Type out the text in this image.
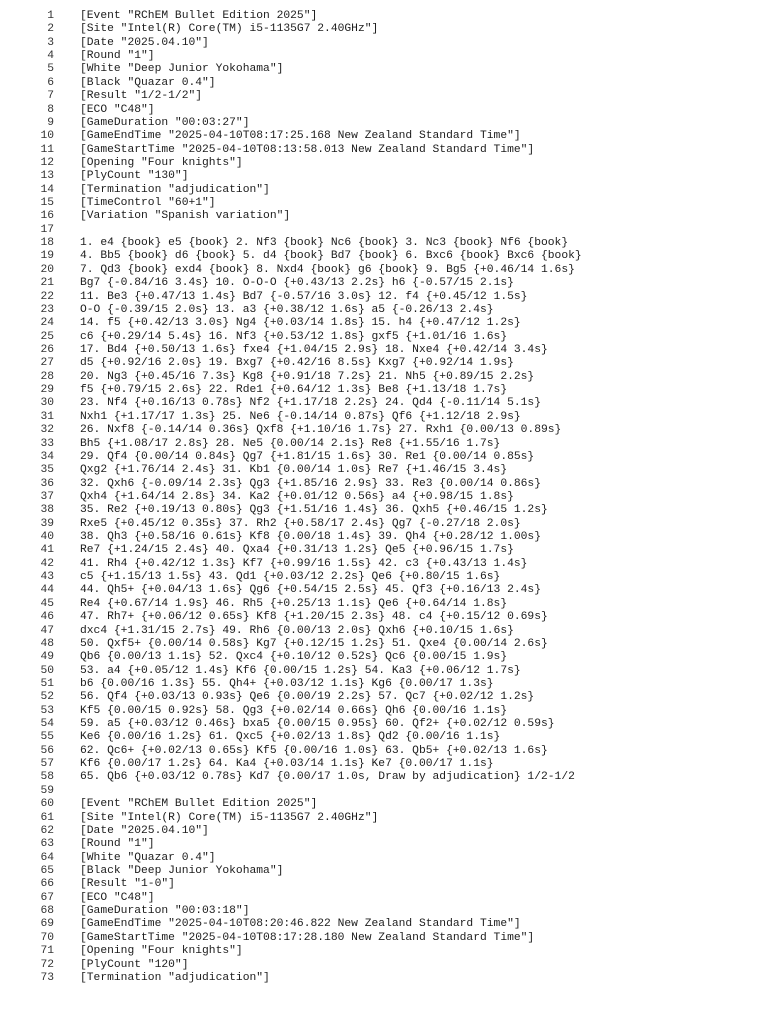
1	[Event "RChEM Bullet Edition 2025"]
2	[Site "Intel(R) Core(TM) i5-1135G7 2.40GHz"]
3	[Date "2025.04.10"]
4	[Round "1"]
5	[White "Deep Junior Yokohama"]
6	[Black "Quazar 0.4"]
7	[Result "1/2-1/2"]
8	[ECO "C48"]
9	[GameDuration "00:03:27"]
10	[GameEndTime "2025-04-10T08:17:25.168 New Zealand Standard Time"]
11	[GameStartTime "2025-04-10T08:13:58.013 New Zealand Standard Time"]
12	[Opening "Four knights"]
13	[PlyCount "130"]
14	[Termination "adjudication"]
15	[TimeControl "60+1"]
16	[Variation "Spanish variation"]
17
18	1. e4 {book} e5 {book} 2. Nf3 {book} Nc6 {book} 3. Nc3 {book} Nf6 {book}
19	4. Bb5 {book} d6 {book} 5. d4 {book} Bd7 {book} 6. Bxc6 {book} Bxc6 {book}
20	7. Qd3 {book} exd4 {book} 8. Nxd4 {book} g6 {book} 9. Bg5 {+0.46/14 1.6s}
21	Bg7 {-0.84/16 3.4s} 10. O-O-O {+0.43/13 2.2s} h6 {-0.57/15 2.1s}
22	11. Be3 {+0.47/13 1.4s} Bd7 {-0.57/16 3.0s} 12. f4 {+0.45/12 1.5s}
23	O-O {-0.39/15 2.0s} 13. a3 {+0.38/12 1.6s} a5 {-0.26/13 2.4s}
24	14. f5 {+0.42/13 3.0s} Ng4 {+0.03/14 1.8s} 15. h4 {+0.47/12 1.2s}
25	c6 {+0.29/14 5.4s} 16. Nf3 {+0.53/12 1.8s} gxf5 {+1.01/16 1.6s}
26	17. Bd4 {+0.50/13 1.6s} fxe4 {+1.04/15 2.9s} 18. Nxe4 {+0.42/14 3.4s}
27	d5 {+0.92/16 2.0s} 19. Bxg7 {+0.42/16 8.5s} Kxg7 {+0.92/14 1.9s}
28	20. Ng3 {+0.45/16 7.3s} Kg8 {+0.91/18 7.2s} 21. Nh5 {+0.89/15 2.2s}
29	f5 {+0.79/15 2.6s} 22. Rde1 {+0.64/12 1.3s} Be8 {+1.13/18 1.7s}
30	23. Nf4 {+0.16/13 0.78s} Nf2 {+1.17/18 2.2s} 24. Qd4 {-0.11/14 5.1s}
31	Nxh1 {+1.17/17 1.3s} 25. Ne6 {-0.14/14 0.87s} Qf6 {+1.12/18 2.9s}
32	26. Nxf8 {-0.14/14 0.36s} Qxf8 {+1.10/16 1.7s} 27. Rxh1 {0.00/13 0.89s}
33	Bh5 {+1.08/17 2.8s} 28. Ne5 {0.00/14 2.1s} Re8 {+1.55/16 1.7s}
34	29. Qf4 {0.00/14 0.84s} Qg7 {+1.81/15 1.6s} 30. Re1 {0.00/14 0.85s}
35	Qxg2 {+1.76/14 2.4s} 31. Kb1 {0.00/14 1.0s} Re7 {+1.46/15 3.4s}
36	32. Qxh6 {-0.09/14 2.3s} Qg3 {+1.85/16 2.9s} 33. Re3 {0.00/14 0.86s}
37	Qxh4 {+1.64/14 2.8s} 34. Ka2 {+0.01/12 0.56s} a4 {+0.98/15 1.8s}
38	35. Re2 {+0.19/13 0.80s} Qg3 {+1.51/16 1.4s} 36. Qxh5 {+0.46/15 1.2s}
39	Rxe5 {+0.45/12 0.35s} 37. Rh2 {+0.58/17 2.4s} Qg7 {-0.27/18 2.0s}
40	38. Qh3 {+0.58/16 0.61s} Kf8 {0.00/18 1.4s} 39. Qh4 {+0.28/12 1.00s}
41	Re7 {+1.24/15 2.4s} 40. Qxa4 {+0.31/13 1.2s} Qe5 {+0.96/15 1.7s}
42	41. Rh4 {+0.42/12 1.3s} Kf7 {+0.99/16 1.5s} 42. c3 {+0.43/13 1.4s}
43	c5 {+1.15/13 1.5s} 43. Qd1 {+0.03/12 2.2s} Qe6 {+0.80/15 1.6s}
44	44. Qh5+ {+0.04/13 1.6s} Qg6 {+0.54/15 2.5s} 45. Qf3 {+0.16/13 2.4s}
45	Re4 {+0.67/14 1.9s} 46. Rh5 {+0.25/13 1.1s} Qe6 {+0.64/14 1.8s}
46	47. Rh7+ {+0.06/12 0.65s} Kf8 {+1.20/15 2.3s} 48. c4 {+0.15/12 0.69s}
47	dxc4 {+1.31/15 2.7s} 49. Rh6 {0.00/13 2.0s} Qxh6 {+0.10/15 1.6s}
48	50. Qxf5+ {0.00/14 0.58s} Kg7 {+0.12/15 1.2s} 51. Qxe4 {0.00/14 2.6s}
49	Qb6 {0.00/13 1.1s} 52. Qxc4 {+0.10/12 0.52s} Qc6 {0.00/15 1.9s}
50	53. a4 {+0.05/12 1.4s} Kf6 {0.00/15 1.2s} 54. Ka3 {+0.06/12 1.7s}
51	b6 {0.00/16 1.3s} 55. Qh4+ {+0.03/12 1.1s} Kg6 {0.00/17 1.3s}
52	56. Qf4 {+0.03/13 0.93s} Qe6 {0.00/19 2.2s} 57. Qc7 {+0.02/12 1.2s}
53	Kf5 {0.00/15 0.92s} 58. Qg3 {+0.02/14 0.66s} Qh6 {0.00/16 1.1s}
54	59. a5 {+0.03/12 0.46s} bxa5 {0.00/15 0.95s} 60. Qf2+ {+0.02/12 0.59s}
55	Ke6 {0.00/16 1.2s} 61. Qxc5 {+0.02/13 1.8s} Qd2 {0.00/16 1.1s}
56	62. Qc6+ {+0.02/13 0.65s} Kf5 {0.00/16 1.0s} 63. Qb5+ {+0.02/13 1.6s}
57	Kf6 {0.00/17 1.2s} 64. Ka4 {+0.03/14 1.1s} Ke7 {0.00/17 1.1s}
58	65. Qb6 {+0.03/12 0.78s} Kd7 {0.00/17 1.0s, Draw by adjudication} 1/2-1/2
59
60	[Event "RChEM Bullet Edition 2025"]
61	[Site "Intel(R) Core(TM) i5-1135G7 2.40GHz"]
62	[Date "2025.04.10"]
63	[Round "1"]
64	[White "Quazar 0.4"]
65	[Black "Deep Junior Yokohama"]
66	[Result "1-0"]
67	[ECO "C48"]
68	[GameDuration "00:03:18"]
69	[GameEndTime "2025-04-10T08:20:46.822 New Zealand Standard Time"]
70	[GameStartTime "2025-04-10T08:17:28.180 New Zealand Standard Time"]
71	[Opening "Four knights"]
72	[PlyCount "120"]
73	[Termination "adjudication"]
